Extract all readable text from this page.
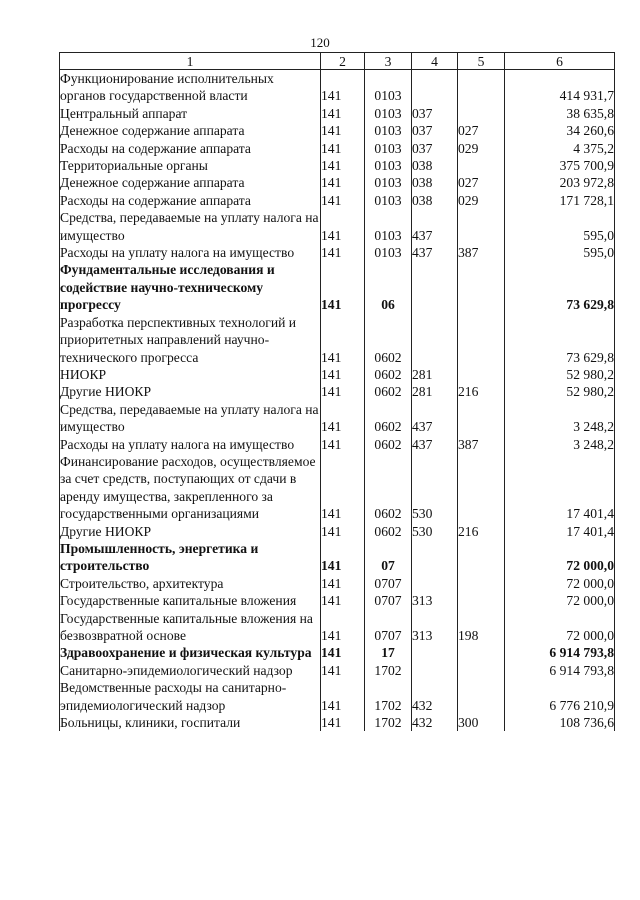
120
1	2	3	4	5	6
Функционирование исполнительных органов государственной власти	141	0103			414 931,7
Центральный аппарат	141	0103	037		38 635,8
Денежное содержание аппарата	141	0103	037	027	34 260,6
Расходы на содержание аппарата	141	0103	037	029	4 375,2
Территориальные органы	141	0103	038		375 700,9
Денежное содержание аппарата	141	0103	038	027	203 972,8
Расходы на содержание аппарата	141	0103	038	029	171 728,1
Средства, передаваемые на уплату налога на имущество	141	0103	437		595,0
Расходы на уплату налога на имущество	141	0103	437	387	595,0
Фундаментальные исследования и содействие научно-техническому прогрессу	141	06			73 629,8
Разработка перспективных технологий и приоритетных направлений научно-технического прогресса	141	0602			73 629,8
НИОКР	141	0602	281		52 980,2
Другие НИОКР	141	0602	281	216	52 980,2
Средства, передаваемые на уплату налога на имущество	141	0602	437		3 248,2
Расходы на уплату налога на имущество	141	0602	437	387	3 248,2
Финансирование расходов, осуществляемое за счет средств, поступающих от сдачи в аренду имущества, закрепленного за государственными организациями	141	0602	530		17 401,4
Другие НИОКР	141	0602	530	216	17 401,4
Промышленность, энергетика и строительство	141	07			72 000,0
Строительство, архитектура	141	0707			72 000,0
Государственные капитальные вложения	141	0707	313		72 000,0
Государственные капитальные вложения на безвозвратной основе	141	0707	313	198	72 000,0
Здравоохранение и физическая культура	141	17			6 914 793,8
Санитарно-эпидемиологический надзор	141	1702			6 914 793,8
Ведомственные расходы на санитарно-эпидемиологический надзор	141	1702	432		6 776 210,9
Больницы, клиники, госпитали	141	1702	432	300	108 736,6
